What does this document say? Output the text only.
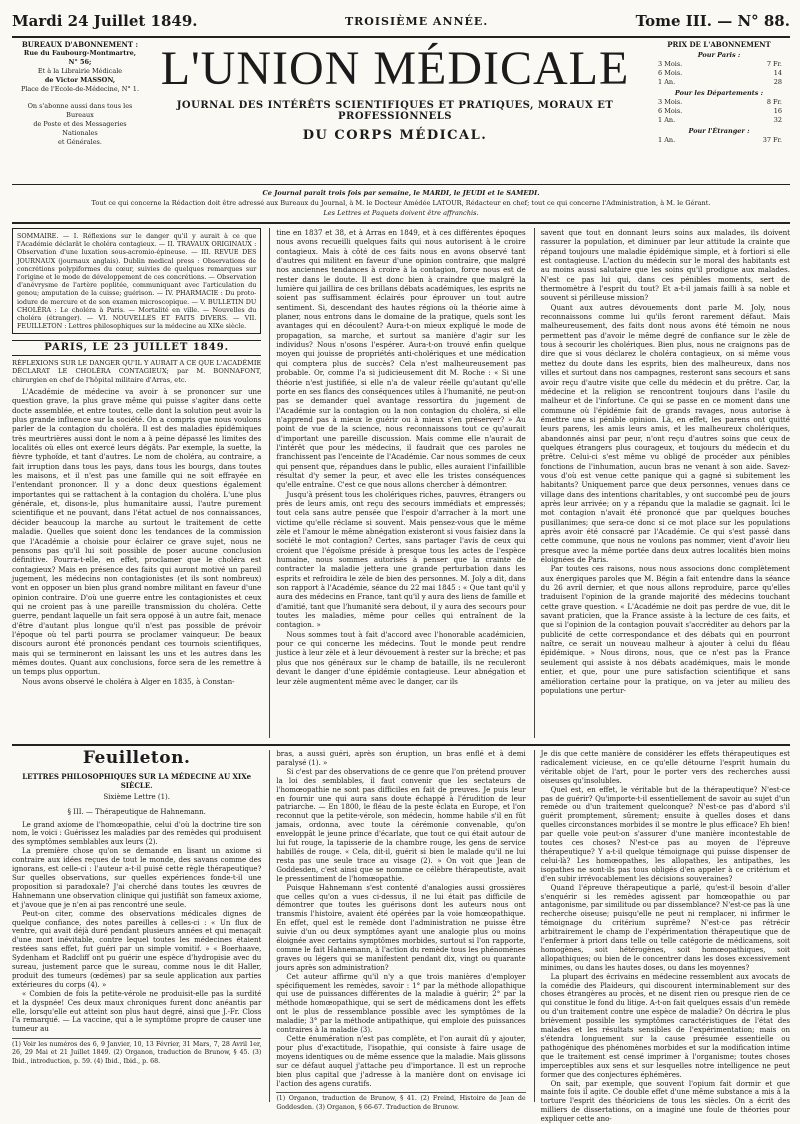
Mardi 24 Juillet 1849.	TROISIÈME ANNÉE.	Tome III. — N° 88.
BUREAUX D'ABONNEMENT :
Rue du Faubourg-Montmartre,
N° 56;
Et à la Librairie Médicale
de Victor MASSON,
Place de l'Ecole-de-Médecine, N° 1.
On s'abonne aussi dans tous les Bureaux
de Poste et des Messageries Nationales
et Générales.
L'UNION MÉDICALE
JOURNAL DES INTÉRÊTS SCIENTIFIQUES ET PRATIQUES, MORAUX ET PROFESSIONNELS
DU CORPS MÉDICAL.
PRIX DE L'ABONNEMENT
Pour Paris :
3 Mois.	7 Fr.
6 Mois.	14
1 An.	28
Pour les Départements :
3 Mois.	8 Fr.
6 Mois.	16
1 An.	32
Pour l'Étranger :
1 An.	37 Fr.
Ce Journal paraît trois fois par semaine, le MARDI, le JEUDI et le SAMEDI.
Tout ce qui concerne la Rédaction doit être adressé aux Bureaux du Journal, à M. le Docteur Amédée LATOUR, Rédacteur en chef; tout ce qui concerne l'Administration, à M. le Gérant.
Les Lettres et Paquets doivent être affranchis.
SOMMAIRE. — I. Réflexions sur le danger qu'il y aurait à ce que l'Académie déclarât le choléra contagieux. — II. TRAVAUX ORIGINAUX : Observation d'une luxation sous-acromio-épineuse. — III. REVUE DES JOURNAUX (journaux anglais). Dublin medical press : Observations de concrétions polypiformes du cœur, suivies de quelques remarques sur l'origine et le mode de développement de ces concrétions. — Observation d'anévrysme de l'artère poplitée, communiquant avec l'articulation du genou; amputation de la cuisse; guérison. — IV. PHARMACIE : Du proto-iodure de mercure et de son examen microscopique. — V. BULLETIN DU CHOLÉRA : Le choléra à Paris. — Mortalité en ville. — Nouvelles du choléra (étranger). — VI. NOUVELLES ET FAITS DIVERS. — VII. FEUILLETON : Lettres philosophiques sur la médecine au XIXe siècle.
PARIS, LE 23 JUILLET 1849.
RÉFLEXIONS SUR LE DANGER QU'IL Y AURAIT A CE QUE L'ACADÉMIE DÉCLARAT LE CHOLÉRA CONTAGIEUX; par M. BONNAFONT, chirurgien en chef de l'hôpital militaire d'Arras, etc.

L'Académie de médecine va avoir à se prononcer sur une question grave, la plus grave même qui puisse s'agiter dans cette docte assemblée, et entre toutes, celle dont la solution peut avoir la plus grande influence sur la société. On a compris que nous voulons parler de la contagion du choléra. Il est des maladies épidémiques très meurtrières aussi dont le nom a à peine dépassé les limites des localités où elles ont exercé leurs dégâts. Par exemple, la suette, la fièvre typhoïde, et tant d'autres. Le nom de choléra, au contraire, a fait irruption dans tous les pays, dans tous les bourgs, dans toutes les maisons, et il n'est pas une famille qui ne soit effrayée en l'entendant prononcer. Il y a donc deux questions également importantes qui se rattachent à la contagion du choléra. L'une plus générale, et, disons-le, plus humanitaire aussi, l'autre purement scientifique et ne pouvant, dans l'état actuel de nos connaissances, décider beaucoup la marche au surtout le traitement de cette maladie. Quelles que soient donc les tendances de la commission que l'Académie a choisie pour éclairer ce grave sujet, nous ne pensons pas qu'il lui soit possible de poser aucune conclusion définitive. Pourra-t-elle, en effet, proclamer que le choléra est contagieux? Mais en présence des faits qui auront motivé un pareil jugement, les médecins non contagionistes (et ils sont nombreux) vont en opposer un bien plus grand nombre militant en faveur d'une opinion contraire. D'où une guerre entre les contagionistes et ceux qui ne croient pas à une pareille transmission du choléra. Cette guerre, pendant laquelle un fait sera opposé à un autre fait, menace d'être d'autant plus longue qu'il n'est pas possible de prévoir l'époque où tel parti pourra se proclamer vainqueur. De beaux discours auront été prononcés pendant ces tournois scientifiques, mais qui se termineront en laissant les uns et les autres dans les mêmes doutes. Quant aux conclusions, force sera de les remettre à un temps plus opportun.

Nous avons observé le choléra à Alger en 1835, à Constan-

tine en 1837 et 38, et à Arras en 1849, et à ces différentes époques nous avons recueilli quelques faits qui nous autorisent à le croire contagieux. Mais à côté de ces faits nous en avons observé tant d'autres qui militent en faveur d'une opinion contraire, que malgré nos anciennes tendances à croire à la contagion, force nous est de rester dans le doute. Il est donc bien à craindre que malgré la lumière qui jaillira de ces brillans débats académiques, les esprits ne soient pas suffisamment éclairés pour éprouver un tout autre sentiment. Si, descendant des hautes régions où la théorie aime à planer, nous entrons dans le domaine de la pratique, quels sont les avantages qui en découlent? Aura-t-on mieux expliqué le mode de propagation, sa marche, et surtout sa manière d'agir sur les individus? Nous n'osons l'espérer. Aura-t-on trouvé enfin quelque moyen qui jouisse de propriétés anti-cholériques et une médication qui comptera plus de succès? Cela n'est malheureusement pas probable. Or, comme l'a si judicieusement dit M. Roche : « Si une théorie n'est justifiée, si elle n'a de valeur réelle qu'autant qu'elle porte en ses flancs des conséquences utiles à l'humanité, ne peut-on pas se demander quel avantage ressortira du jugement de l'Académie sur la contagion ou la non contagion du choléra, si elle n'apprend pas à mieux le guérir ou à mieux s'en préserver? » Au point de vue de la science, nous reconnaissons tout ce qu'aurait d'important une pareille discussion. Mais comme elle n'aurait de l'intérêt que pour les médecins, il faudrait que ces paroles ne franchissent pas l'enceinte de l'Académie. Car nous sommes de ceux qui pensent que, répandues dans le public, elles auraient l'infaillible résultat d'y semer la peur, et avec elle les tristes conséquences qu'elle entraîne. C'est ce que nous allons chercher à démontrer.

Jusqu'à présent tous les cholériques riches, pauvres, étrangers ou près de leurs amis, ont reçu des secours immédiats et empressés; tout cela sans autre pensée que l'espoir d'arracher à la mort une victime qu'elle réclame si souvent. Mais pensez-vous que le même zèle et l'amour le même abnégation existeront si vous faisiez dans la société le mot contagion? Certes, sans partager l'avis de ceux qui croient que l'égoïsme préside à presque tous les actes de l'espèce humaine, nous sommes autorisés à penser que la crainte de contracter la maladie jettera une grande perturbation dans les esprits et refroidira le zèle de bien des personnes. M. Joly a dit, dans son rapport à l'Académie, séance du 22 mai 1845 : « Que tant qu'il y aura des médecins en France, tant qu'il y aura des liens de famille et d'amitié, tant que l'humanité sera debout, il y aura des secours pour toutes les maladies, même pour celles qui entraînent de la contagion. »

Nous sommes tout à fait d'accord avec l'honorable académicien, pour ce qui concerne les médecins. Tout le monde peut rendre justice à leur zèle et à leur dévouement à rester sur la brèche; et pas plus que nos généraux sur le champ de bataille, ils ne reculeront devant le danger d'une épidémie contagieuse. Leur abnégation et leur zèle augmentent même avec le danger, car ils

savent que tout en donnant leurs soins aux malades, ils doivent rassurer la population, et diminuer par leur attitude la crainte que répand toujours une maladie épidémique simple, et à fortiori si elle est contagieuse. L'action du médecin sur le moral des habitants est au moins aussi salutaire que les soins qu'il prodigue aux malades. N'est ce pas lui qui, dans ces pénibles moments, sert de thermomètre à l'esprit du tout? Et a-t-il jamais failli à sa noble et souvent si périlleuse mission?

Quant aux autres dévouements dont parle M. Joly, nous reconnaissons comme lui qu'ils feront rarement défaut. Mais malheureusement, des faits dont nous avons été témoin ne nous permettent pas d'avoir le même degré de confiance sur le zèle de tous à secourir les cholériques. Bien plus, nous ne craignons pas de dire que si vous déclarez le choléra contagieux, on si même vous mettez du doute dans les esprits, bien des malheureux, dans nos villes et surtout dans nos campagnes, resteront sans secours et sans avoir reçu d'autre visite que celle du médecin et du prêtre. Car, la médecine et la religion se rencontrent toujours dans l'asile du malheur et de l'infortune. Ce qui se passe en ce moment dans une commune où l'épidémie fait de grands ravages, nous autorise à émettre une si pénible opinion. Là, en effet, les parens ont quitté leurs parens, les amis leurs amis, et les malheureux cholériques, abandonnés ainsi par peur, n'ont reçu d'autres soins que ceux de quelques étrangers plus courageux, et toujours du médecin et du prêtre. Celui-ci s'est même vu obligé de procéder aux pénibles fonctions de l'inhumation, aucun bras ne venant à son aide. Savez-vous d'où est venue cette panique qui a gagné si subitement les habitants? Uniquement parce que deux personnes, venues dans ce village dans des intentions charitables, y ont succombé peu de jours après leur arrivée; on y a répandu que la maladie se gagnait. Ici le mot contagion n'avait été prononcé que par quelques bouches pusillanimes; que sera-ce donc si ce mot place sur les populations après avoir été consacré par l'Académie. Ce qui s'est passé dans cette commune, que nous ne voulons pas nommer, vient d'avoir lieu presque avec la même portée dans deux autres localités bien moins éloignées de Paris.

Par toutes ces raisons, nous nous associons donc complètement aux énergiques paroles que M. Bégin a fait entendre dans la séance du 26 avril dernier, et que nous allons reproduire, parce qu'elles traduisent l'opinion de la grande majorité des médecins touchant cette grave question. « L'Académie ne doit pas perdre de vue, dit le savant praticien, que la France assiste à la lecture de ces faits, et que si l'opinion de la contagion pouvait s'accréditer au dehors par la publicité de cette correspondance et des débats qui en pourront naître, ce serait un nouveau malheur à ajouter à celui du fléau épidémique. » Nous dirons, nous, que ce n'est pas la France seulement qui assiste à nos débats académiques, mais le monde entier, et que, pour une pure satisfaction scientifique et sans amélioration certaine pour la pratique, on va jeter au milieu des populations une pertur-

Feuilleton.
LETTRES PHILOSOPHIQUES SUR LA MÉDECINE AU XIXe SIÈCLE.
Sixième Lettre (1).
§ III. — Thérapeutique de Hahnemann.

Le grand axiome de l'homœopathie, celui d'où la doctrine tire son nom, le voici : Guérissez les maladies par des remèdes qui produisent des symptômes semblables aux leurs (2).

La première chose qu'on se demande en lisant un axiome si contraire aux idées reçues de tout le monde, des savans comme des ignorans, est celle-ci : l'auteur a-t-il puisé cette règle thérapeutique? Sur quelles observations, sur quelles expériences fonde-t-il une proposition si paradoxale? J'ai cherché dans toutes les œuvres de Hahnemann une observation clinique qui justifiât son fameux axiome, et j'avoue que je n'en ai pas rencontré une seule.

Peut-on citer, comme des observations médicales dignes de quelque confiance, des notes pareilles à celles-ci : « Un flux de ventre, qui avait déjà duré pendant plusieurs années et qui menaçait d'une mort inévitable, contre lequel toutes les médecines étaient restées sans effet, fut guéri par un simple vomitif. » « Boerhaave, Sydenham et Radcliff ont pu guérir une espèce d'hydropisie avec du sureau, justement parce que le sureau, comme nous le dit Haller, produit des tumeurs (œdèmes) par sa seule application aux parties extérieures du corps (4). »

« Combien de fois la petite-vérole ne produisit-elle pas la surdité et la dyspnée! Ces deux maux chroniques furent donc anéantis par elle, lorsqu'elle eut atteint son plus haut degré, ainsi que J.-Fr. Closs l'a remarqué. — La vaccine, qui a le symptôme propre de causer une tumeur au

(1) Voir les numéros des 6, 9 Janvier, 10, 13 Février, 31 Mars, 7, 28 Avril 1er, 26, 29 Mai et 21 Juillet 1849. (2) Organon, traduction de Brunow, § 45. (3) Ibid., introduction, p. 59. (4) Ibid., Ibid., p. 68.

bras, a aussi guéri, après son éruption, un bras enflé et à demi paralysé (1). »

Si c'est par des observations de ce genre que l'on prétend prouver la loi des semblables, il faut convenir que les sectateurs de l'homœopathie ne sont pas difficiles en fait de preuves. Je puis leur en fournir une qui aura sans doute échappé à l'érudition de leur patriarche. — En 1800, le fléau de la peste éclata en Europe, et l'on reconnut que la petite-vérole, son médecin, homme habile s'il en fût jamais, ordonna, avec toute la cérémonie convenable, qu'on enveloppât le jeune prince d'écarlate, que tout ce qui était autour de lui fut rouge, la tapisserie de la chambre rouge, les gens de service habillés de rouge. « Cela, dit-il, guérit si bien le malade qu'il ne lui resta pas une seule trace au visage (2). » On voit que Jean de Goddesden, c'est ainsi que se nomme ce célèbre thérapeutiste, avait le pressentiment de l'homœopathie.

Puisque Hahnemann s'est contenté d'analogies aussi grossières que celles qu'on a vues ci-dessus, il ne lui était pas difficile de démontrer que toutes les guérisons dont les auteurs nous ont transmis l'histoire, avaient été opérées par la voie homœopathique. En effet, quel est le remède dont l'administration ne puisse être suivie d'un ou deux symptômes ayant une analogie plus ou moins éloignée avec certains symptômes morbides, surtout si l'on rapporte, comme le fait Hahnemann, à l'action du remède tous les phénomènes graves ou légers qui se manifestent pendant dix, vingt ou quarante jours après son administration?

Cet auteur affirme qu'il n'y a que trois manières d'employer spécifiquement les remèdes, savoir : 1° par la méthode allopathique qui use de puissances différentes de la maladie à guérir; 2° par la méthode homœopathique, qui se sert de médicamens dont les effets ont le plus de ressemblance possible avec les symptômes de la maladie; 3° par la méthode antipathique, qui emploie des puissances contraires à la maladie (3).

Cette énumération n'est pas complète, et l'on aurait dû y ajouter, pour plus d'exactitude, l'isopathie, qui consiste à faire usage de moyens identiques ou de même essence que la maladie. Mais glissons sur ce défaut auquel j'attache peu d'importance. Il est un reproche bien plus capital que j'adresse à la manière dont on envisage ici l'action des agens curatifs.

(1) Organon, traduction de Brunow, § 41. (2) Freind, Histoire de Jean de Goddesden. (3) Organon, § 66-67. Traduction de Brunow.

Je dis que cette manière de considérer les effets thérapeutiques est radicalement vicieuse, en ce qu'elle détourne l'esprit humain du véritable objet de l'art, pour le porter vers des recherches aussi oiseuses qu'insolubles.

Quel est, en effet, le véritable but de la thérapeutique? N'est-ce pas de guérir? Qu'importe-t-il essentiellement de savoir au sujet d'un remède ou d'un traitement quelconque? N'est-ce pas d'abord s'il guérit promptement, sûrement; ensuite à quelles doses et dans quelles circonstances morbides il se montre le plus efficace? Eh bien! par quelle voie peut-on s'assurer d'une manière incontestable de toutes ces choses? N'est-ce pas au moyen de l'épreuve thérapeutique? Y a-t-il quelque témoignage qui puisse dispenser de celui-là? Les homœopathes, les allopathes, les antipathes, les isopathes ne sont-ils pas tous obligés d'en appeler à ce critérium et d'en subir irrévocablement les décisions souveraines?

Quand l'épreuve thérapeutique a parlé, qu'est-il besoin d'aller s'enquérir si les remèdes agissent par homœopathie ou par antagonisme, par similitude ou par dissemblance? N'est-ce pas là une recherche oiseuse; puisqu'elle ne peut ni remplacer, ni infirmer le témoignage du critérium suprême? N'est-ce pas rétrécir arbitrairement le champ de l'expérimentation thérapeutique que de l'enfermer à priori dans telle ou telle catégorie de médicamens, soit homogènes, soit hétérogènes, soit homœopathiques, soit allopathiques; ou bien de le concentrer dans les doses excessivement minimes, ou dans les hautes doses, ou dans les moyennes?

La plupart des écrivains en médecine ressemblent aux avocats de la comédie des Plaideurs, qui discourent interminablement sur des choses étrangères au procès, et ne disent rien ou presque rien de ce qui constitue le fond du litige. A-t-on fait quelques essais d'un remède ou d'un traitement contre une espèce de maladie? On décrira le plus brièvement possible les symptômes caractéristiques de l'état des malades et les résultats sensibles de l'expérimentation; mais on s'étendra longuement sur la cause présumée essentielle ou pathogénique des phénomènes morbides et sur la modification intime que le traitement est censé imprimer à l'organisme; toutes choses imperceptibles aux sens et sur lesquelles notre intelligence ne peut former que des conjectures éphémères.

On sait, par exemple, que souvent l'opium fait dormir et que mainte fois il agite. Ce double effet d'une même substance a mis à la torture l'esprit des théoriciens de tous les siècles. On a écrit des milliers de dissertations, on a imaginé une foule de théories pour expliquer cette ano-
